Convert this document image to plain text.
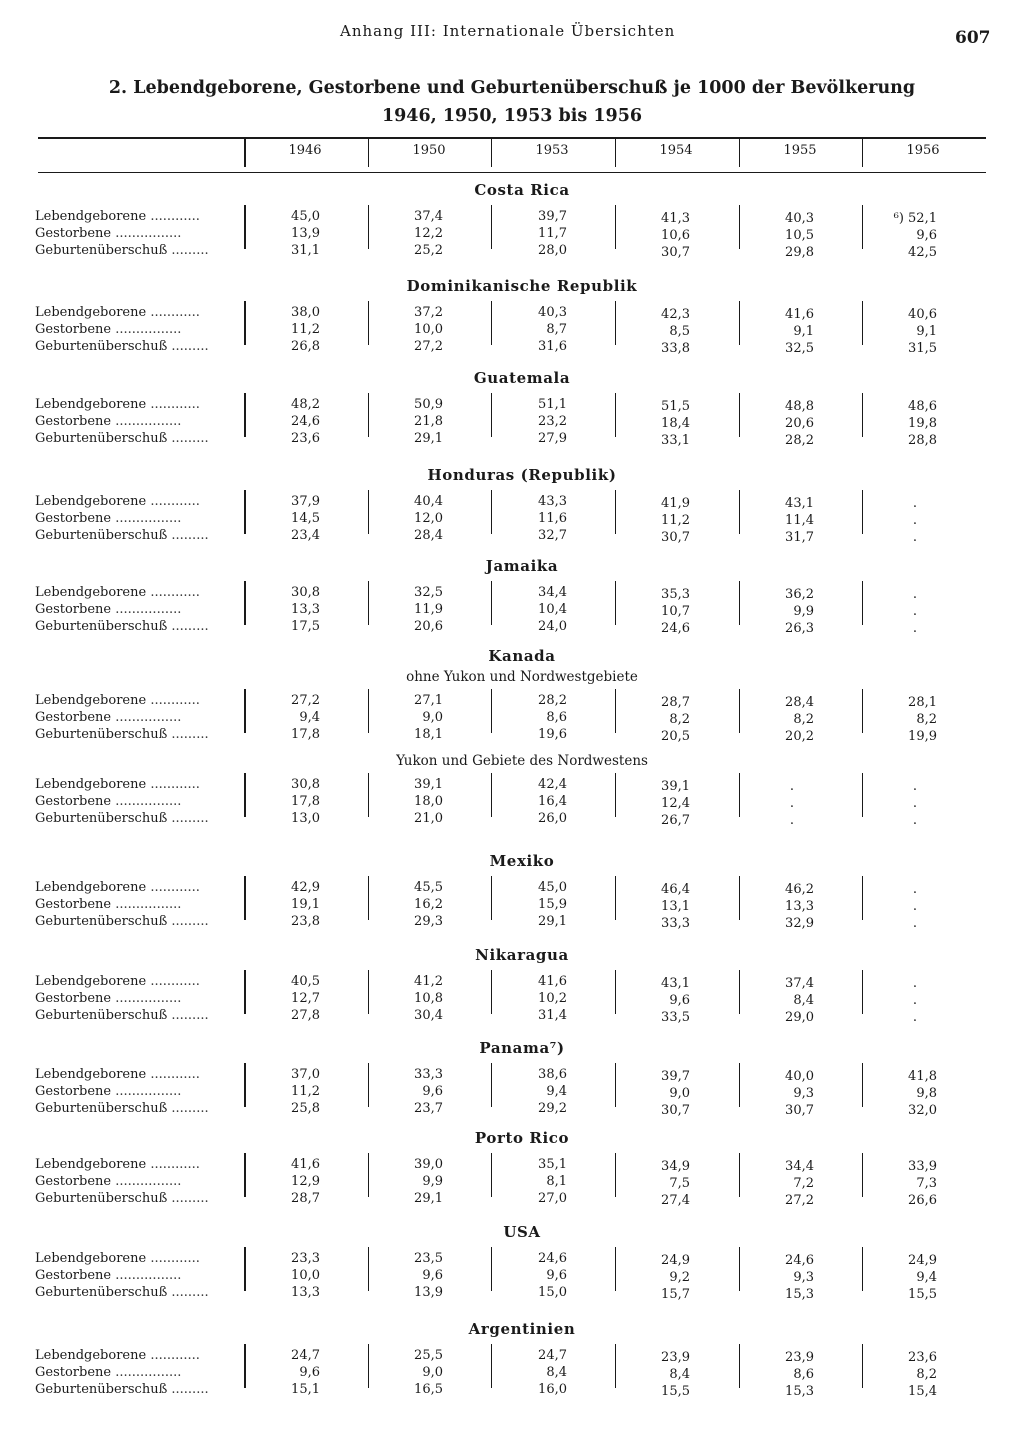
Anhang III: Internationale Übersichten	607
2. Lebendgeborene, Gestorbene und Geburtenüberschuß je 1000 der Bevölkerung
1946, 1950, 1953 bis 1956
1946	1950	1953	1954	1955	1956
Costa Rica
Lebendgeborene ............	45,0	37,4	39,7	41,3	40,3	⁶) 52,1
Gestorbene ................	13,9	12,2	11,7	10,6	10,5	9,6
Geburtenüberschuß .........	31,1	25,2	28,0	30,7	29,8	42,5
Dominikanische Republik
Lebendgeborene ............	38,0	37,2	40,3	42,3	41,6	40,6
Gestorbene ................	11,2	10,0	8,7	8,5	9,1	9,1
Geburtenüberschuß .........	26,8	27,2	31,6	33,8	32,5	31,5
Guatemala
Lebendgeborene ............	48,2	50,9	51,1	51,5	48,8	48,6
Gestorbene ................	24,6	21,8	23,2	18,4	20,6	19,8
Geburtenüberschuß .........	23,6	29,1	27,9	33,1	28,2	28,8
Honduras (Republik)
Lebendgeborene ............	37,9	40,4	43,3	41,9	43,1	.
Gestorbene ................	14,5	12,0	11,6	11,2	11,4	.
Geburtenüberschuß .........	23,4	28,4	32,7	30,7	31,7	.
Jamaika
Lebendgeborene ............	30,8	32,5	34,4	35,3	36,2	.
Gestorbene ................	13,3	11,9	10,4	10,7	9,9	.
Geburtenüberschuß .........	17,5	20,6	24,0	24,6	26,3	.
Kanada
ohne Yukon und Nordwestgebiete
Lebendgeborene ............	27,2	27,1	28,2	28,7	28,4	28,1
Gestorbene ................	9,4	9,0	8,6	8,2	8,2	8,2
Geburtenüberschuß .........	17,8	18,1	19,6	20,5	20,2	19,9
Yukon und Gebiete des Nordwestens
Lebendgeborene ............	30,8	39,1	42,4	39,1	.	.
Gestorbene ................	17,8	18,0	16,4	12,4	.	.
Geburtenüberschuß .........	13,0	21,0	26,0	26,7	.	.
Mexiko
Lebendgeborene ............	42,9	45,5	45,0	46,4	46,2	.
Gestorbene ................	19,1	16,2	15,9	13,1	13,3	.
Geburtenüberschuß .........	23,8	29,3	29,1	33,3	32,9	.
Nikaragua
Lebendgeborene ............	40,5	41,2	41,6	43,1	37,4	.
Gestorbene ................	12,7	10,8	10,2	9,6	8,4	.
Geburtenüberschuß .........	27,8	30,4	31,4	33,5	29,0	.
Panama⁷)
Lebendgeborene ............	37,0	33,3	38,6	39,7	40,0	41,8
Gestorbene ................	11,2	9,6	9,4	9,0	9,3	9,8
Geburtenüberschuß .........	25,8	23,7	29,2	30,7	30,7	32,0
Porto Rico
Lebendgeborene ............	41,6	39,0	35,1	34,9	34,4	33,9
Gestorbene ................	12,9	9,9	8,1	7,5	7,2	7,3
Geburtenüberschuß .........	28,7	29,1	27,0	27,4	27,2	26,6
USA
Lebendgeborene ............	23,3	23,5	24,6	24,9	24,6	24,9
Gestorbene ................	10,0	9,6	9,6	9,2	9,3	9,4
Geburtenüberschuß .........	13,3	13,9	15,0	15,7	15,3	15,5
Argentinien
Lebendgeborene ............	24,7	25,5	24,7	23,9	23,9	23,6
Gestorbene ................	9,6	9,0	8,4	8,4	8,6	8,2
Geburtenüberschuß .........	15,1	16,5	16,0	15,5	15,3	15,4
